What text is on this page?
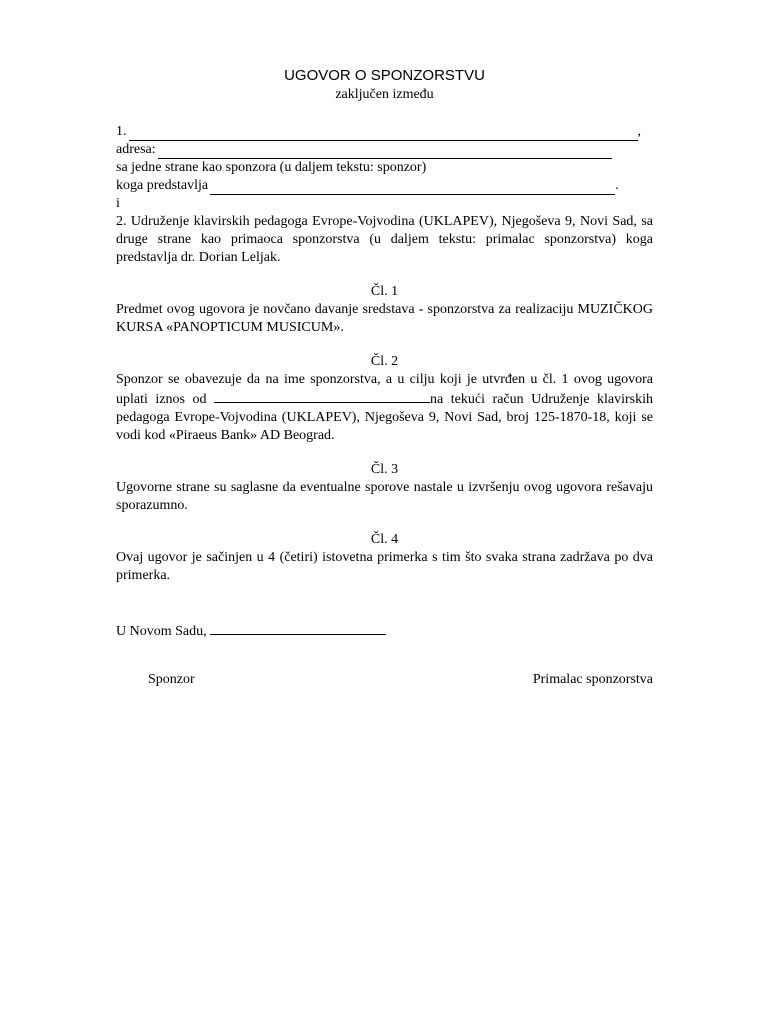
UGOVOR O SPONZORSTVU

zaključen između

1.	,
adresa:
sa jedne strane kao sponzora (u daljem tekstu: sponzor)
koga predstavlja	.
i

2. Udruženje klavirskih pedagoga Evrope-Vojvodina (UKLAPEV), Njegoševa 9, Novi Sad, sa druge strane kao primaoca sponzorstva (u daljem tekstu: primalac sponzorstva) koga predstavlja dr. Dorian Leljak.

Čl. 1

Predmet ovog ugovora je novčano davanje sredstava - sponzorstva za realizaciju MUZIČKOG KURSA «PANOPTICUM MUSICUM».

Čl. 2

Sponzor se obavezuje da na ime sponzorstva, a u cilju koji je utvrđen u čl. 1 ovog ugovora uplati iznos od	na tekući račun Udruženje klavirskih pedagoga Evrope-Vojvodina (UKLAPEV), Njegoševa 9, Novi Sad, broj 125-1870-18, koji se vodi kod «Piraeus Bank» AD Beograd.

Čl. 3

Ugovorne strane su saglasne da eventualne sporove nastale u izvršenju ovog ugovora rešavaju sporazumno.

Čl. 4

Ovaj ugovor je sačinjen u 4 (četiri) istovetna primerka s tim što svaka strana zadržava po dva primerka.

U Novom Sadu,
Sponzor	Primalac sponzorstva
